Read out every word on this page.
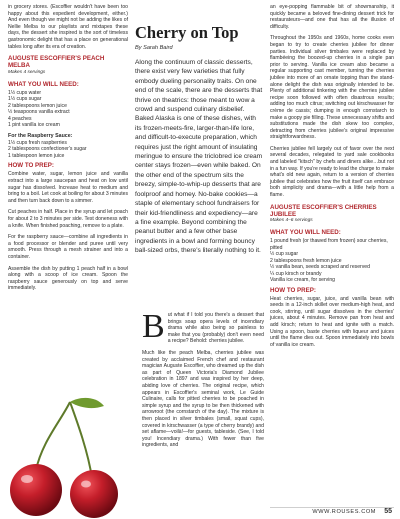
in grocery stores. (Escoffier wouldn't have been too happy about this expedient development, either.) And even though we might not be adding the likes of Nellie Melba to our playlists and mixtapes these days, the dessert she inspired is the sort of timeless gastronomic delight that has a place on generational tables long after its era of creation.

AUGUSTE ESCOFFIER'S PEACH MELBA
Makes 4 servings
WHAT YOU WILL NEED:
1½ cups water
1½ cups sugar
2 tablespoons lemon juice
½ teaspoons vanilla extract
4 peaches
1 pint vanilla ice cream
For the Raspberry Sauce:
1½ cups fresh raspberries
2 tablespoons confectioner's sugar
1 tablespoon lemon juice
HOW TO PREP:

Combine water, sugar, lemon juice and vanilla extract into a large saucepan and heat on low until sugar has dissolved. Increase heat to medium and bring to a boil. Let cook at boiling for about 3 minutes and then turn back down to a simmer.

Cut peaches in half. Place in the syrup and let poach for about 2 to 3 minutes per side. Test doneness with a knife. When finished poaching, remove to a plate.

For the raspberry sauce—combine all ingredients in a food processor or blender and puree until very smooth. Press through a mesh strainer and into a container.

Assemble the dish by putting 1 peach half in a bowl along with a scoop of ice cream. Spoon the raspberry sauce generously on top and serve immediately.

Cherry on Top
By Sarah Baird

Along the continuum of classic desserts, there exist very few varieties that fully embody dueling personality traits. On one end of the scale, there are the desserts that thrive on theatrics: those meant to wow a crowd and suspend culinary disbelief. Baked Alaska is one of these dishes, with its frozen-meets-fire, larger-than-life lore, and difficult-to-execute preparation, which requires just the right amount of insulating meringue to ensure the triclobred ice cream center stays frozen—even while baked. On the other end of the spectrum sits the breezy, simple-to-whip-up desserts that are foolproof and homey. No-bake cookies—a staple of elementary school fundraisers for their kid-friendliness and expediency—are a fine example. Beyond combining the peanut butter and a few other base ingredients in a bowl and forming bouncy ball-sized orbs, there's literally nothing to it.

B ut what if I told you there's a dessert that brings soap opera levels of incendiary drama while also being so painless to make that you (probably) don't even need a recipe? Behold: cherries jubilee.

Much like the peach Melba, cherries jubilee was created by acclaimed French chef and restaurant magician Auguste Escoffier, who dreamed up the dish as part of Queen Victoria's Diamond Jubilee celebration in 1897 and was inspired by her deep, abiding love of cherries. The original recipe, which appears in Escoffier's seminal work, Le Guide Culinaire, calls for pitted cherries to be poached in simple syrup and the syrup to be then thickened with arrowroot (the cornstarch of the day). The mixture is then placed in silver timbales (small, squat cups), covered in kirschwasser (a type of cherry brandy) and set aflame—voilà!—for guests, tableside. (See, I told you! Incendiary drama.) With fewer than five ingredients, and

an eye-popping flammable bit of showmanship, it quickly became a beloved fine-dining dessert trick for restaurateurs—and one that has all the illusion of difficulty.

Throughout the 1950s and 1960s, home cooks even began to try to create cherries jubilee for dinner parties. Individual silver timbales were replaced by flambéeing the boozed-up cherries in a single pan prior to serving. Vanilla ice cream also became a regular supporting cast member, turning the cherries jubilee into more of an ornate topping than the stand-alone delight the dish was originally intended to be. Plenty of additional tinkering with the cherries jubilee recipe soon followed with often disastrous results; adding too much citrus; switching out kirschwasser for crème de cassis; dumping in enough cornstarch to make a goopy pie filling. These unnecessary shifts and substitutions made the dish skew too complex, detracting from cherries jubilee's original impressive straightforwardness.

Cherries jubilee fell largely out of favor over the next several decades, relegated to yard sale cookbooks and labeled "kitsch" by chefs and diners alike…but not in a fun way. If you're ready to lead the charge to make what's old new again, return to a version of cherries jubilee that celebrates how the fruit itself can embrace both simplicity and drama—with a little help from a flame.

AUGUSTE ESCOFFIER'S CHERRIES JUBILEE
Makes 4–6 servings
WHAT YOU WILL NEED:
1 pound fresh (or thawed from frozen) sour cherries, pitted
½ cup sugar
2 tablespoons fresh lemon juice
½ vanilla bean, seeds scraped and reserved
¼ cup kirsch or brandy
Vanilla ice cream, for serving
HOW TO PREP:

Heat cherries, sugar, juice, and vanilla bean with seeds in a 12-inch skillet over medium-high heat, and cook, stirring, until sugar dissolves in the cherries' juices, about 4 minutes. Remove pan from heat and add kirsch; return to heat and ignite with a match. Using a spoon, baste cherries with liqueur and juices until the flame dies out. Spoon immediately into bowls of vanilla ice cream.

WWW.ROUSES.COM 55
